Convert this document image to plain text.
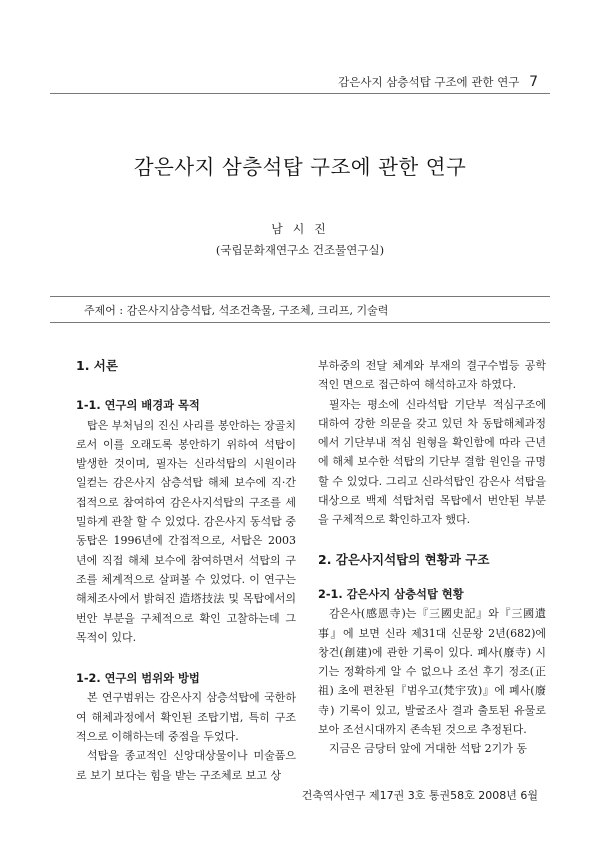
감은사지 삼층석탑 구조에 관한 연구 7
감은사지 삼층석탑 구조에 관한 연구
남 시 진
(국립문화재연구소 건조물연구실)
주제어 : 감은사지삼층석탑, 석조건축물, 구조체, 크리프, 기술력

1. 서론

1-1. 연구의 배경과 목적

탑은 부처님의 진신 사리를 봉안하는 장골치로서 이를 오래도록 봉안하기 위하여 석탑이 발생한 것이며, 필자는 신라석탑의 시원이라 일컫는 감은사지 삼층석탑 해체 보수에 직·간접적으로 참여하여 감은사지석탑의 구조를 세밀하게 관찰 할 수 있었다. 감은사지 동석탑 중 동탑은 1996년에 간접적으로, 서탑은 2003년에 직접 해체 보수에 참여하면서 석탑의 구조를 체계적으로 살펴볼 수 있었다. 이 연구는 해체조사에서 밝혀진 造塔技法 및 목탑에서의 번안 부분을 구체적으로 확인 고찰하는데 그 목적이 있다.

1-2. 연구의 범위와 방법

본 연구범위는 감은사지 삼층석탑에 국한하여 해체과정에서 확인된 조탑기법, 특히 구조적으로 이해하는데 중점을 두었다.

석탑을 종교적인 신앙대상물이나 미술품으로 보기 보다는 힘을 받는 구조체로 보고 상

부하중의 전달 체계와 부재의 결구수법등 공학적인 면으로 접근하여 해석하고자 하였다.

필자는 평소에 신라석탑 기단부 적심구조에 대하여 강한 의문을 갖고 있던 차 동탑해체과정에서 기단부내 적심 원형을 확인함에 따라 근년에 해체 보수한 석탑의 기단부 결함 원인을 규명할 수 있었다. 그리고 신라석탑인 감은사 석탑을 대상으로 백제 석탑처럼 목탑에서 번안된 부분을 구체적으로 확인하고자 했다.

2. 감은사지석탑의 현황과 구조

2-1. 감은사지 삼층석탑 현황

감은사(感恩寺)는『三國史記』와『三國遺事』에 보면 신라 제31대 신문왕 2년(682)에 창건(創建)에 관한 기록이 있다. 폐사(廢寺) 시기는 정확하게 알 수 없으나 조선 후기 정조(正祖) 초에 편찬된『범우고(梵宇攷)』에 폐사(廢寺) 기록이 있고, 발굴조사 결과 출토된 유물로 보아 조선시대까지 존속된 것으로 추정된다.

지금은 금당터 앞에 거대한 석탑 2기가 동

건축역사연구 제17권 3호 통권58호 2008년 6월
